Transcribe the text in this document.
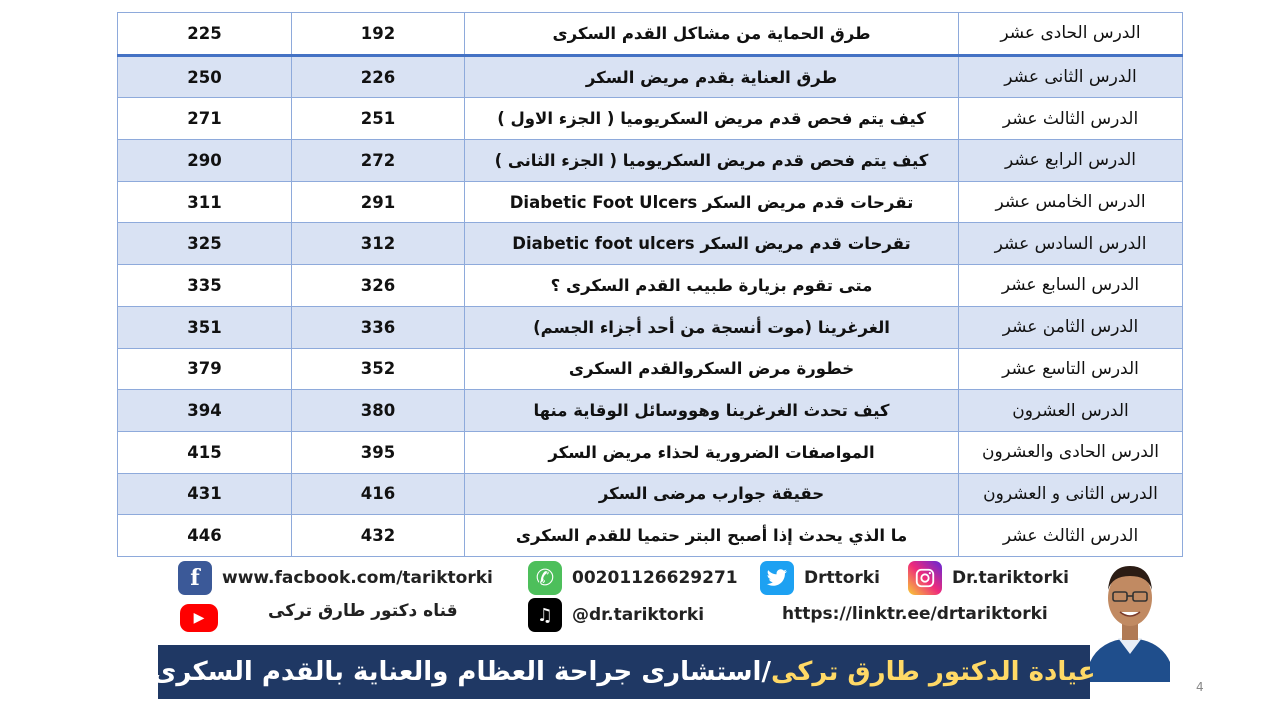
225	192	طرق الحماية من مشاكل القدم السكرى	الدرس الحادى عشر
250	226	طرق العناية بقدم مريض السكر	الدرس الثانى عشر
271	251	كيف يتم فحص قدم مريض السكريوميا ( الجزء الاول )	الدرس الثالث عشر
290	272	كيف يتم فحص قدم مريض السكريوميا ( الجزء الثانى )	الدرس الرابع عشر
311	291	تقرحات قدم مريض السكر Diabetic Foot Ulcers	الدرس الخامس عشر
325	312	تقرحات قدم مريض السكر Diabetic foot ulcers	الدرس السادس عشر
335	326	متى تقوم بزيارة طبيب القدم السكرى ؟	الدرس السابع عشر
351	336	الغرغرينا (موت أنسجة من أحد أجزاء الجسم)	الدرس الثامن عشر
379	352	خطورة مرض السكروالقدم السكرى	الدرس التاسع عشر
394	380	كيف تحدث الغرغرينا وهووسائل الوقاية منها	الدرس العشرون
415	395	المواصفات الضرورية لحذاء مريض السكر	الدرس الحادى والعشرون
431	416	حقيقة جوارب مرضى السكر	الدرس الثانى و العشرون
446	432	ما الذي يحدث إذا أصبح البتر حتميا للقدم السكرى	الدرس الثالث عشر
f	www.facbook.com/tariktorki	✆	00201126629271	Drttorki	Dr.tariktorki
▶	قناه دكتور طارق تركى	♫	@dr.tariktorki	https://linktr.ee/drtariktorki
عيادة الدكتور طارق تركى
/
استشارى جراحة العظام والعناية بالقدم السكرى	4
